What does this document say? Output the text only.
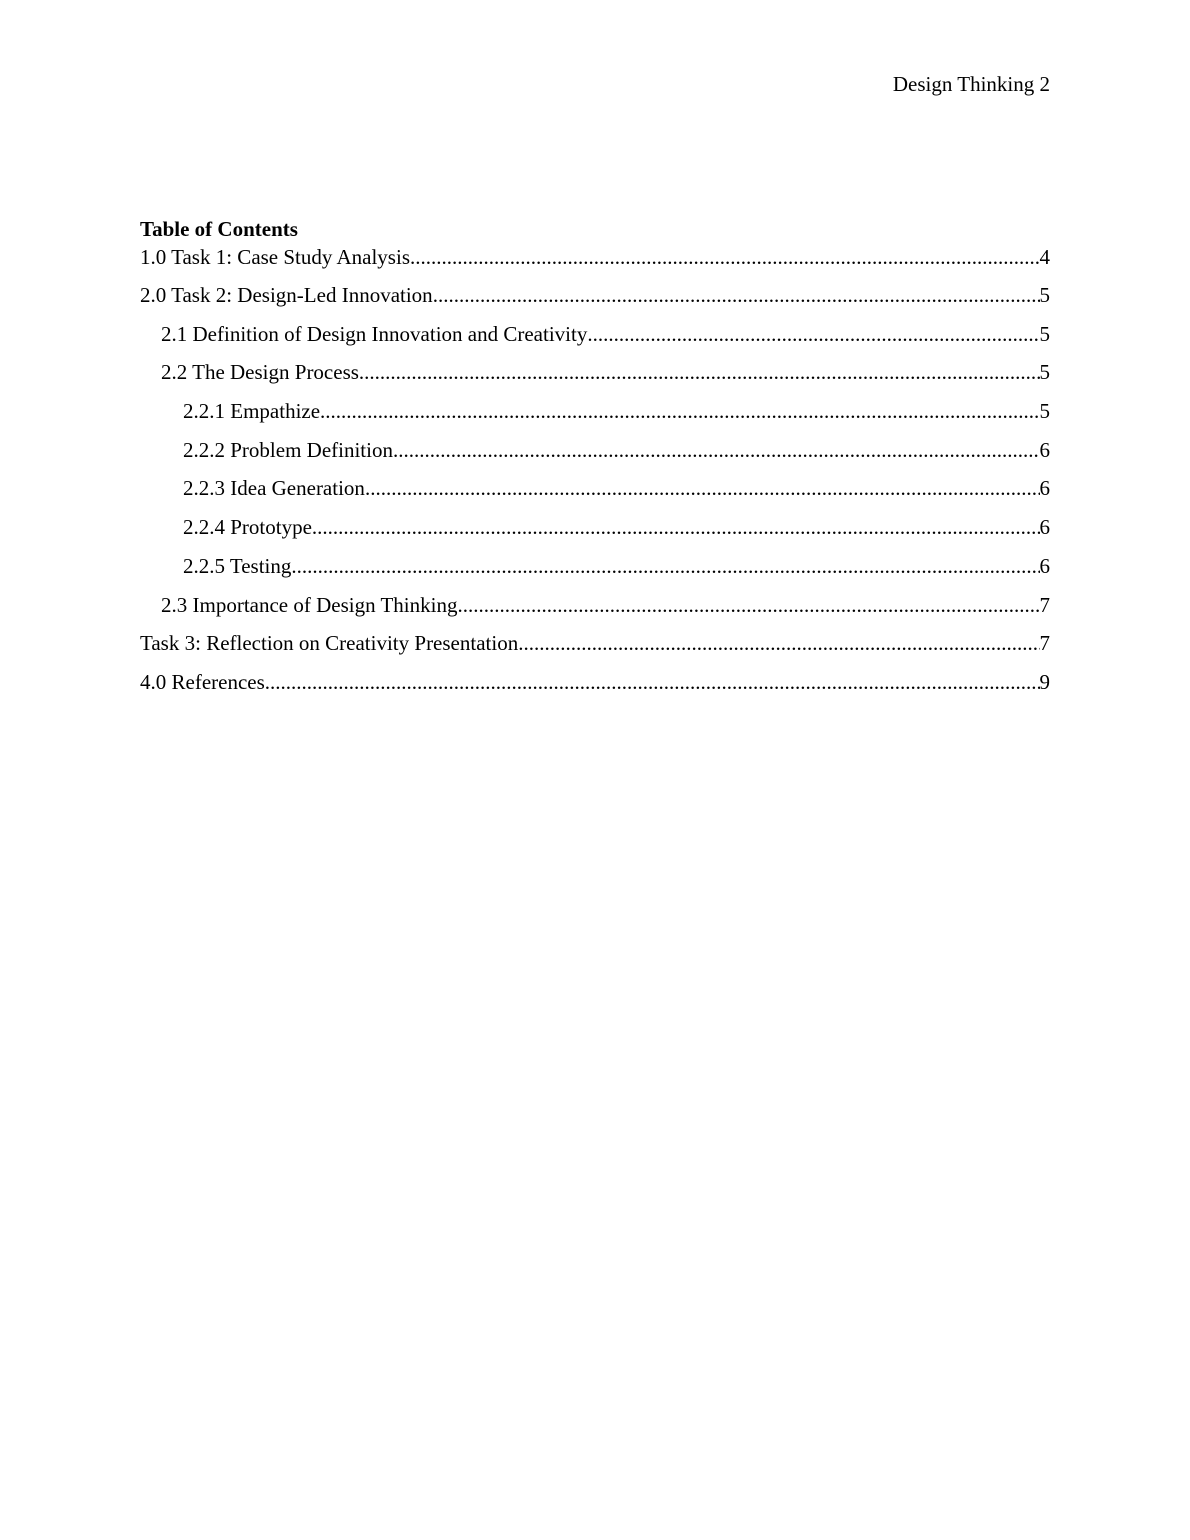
Design Thinking 2
Table of Contents
1.0 Task 1: Case Study Analysis .....	4
2.0 Task 2: Design-Led Innovation .....	5
2.1 Definition of Design Innovation and Creativity .....	5
2.2 The Design Process .....	5
2.2.1 Empathize .....	5
2.2.2 Problem Definition .....	6
2.2.3 Idea Generation .....	6
2.2.4 Prototype .....	6
2.2.5 Testing .....	6
2.3 Importance of Design Thinking .....	7
Task 3: Reflection on Creativity Presentation .....	7
4.0 References .....	9
